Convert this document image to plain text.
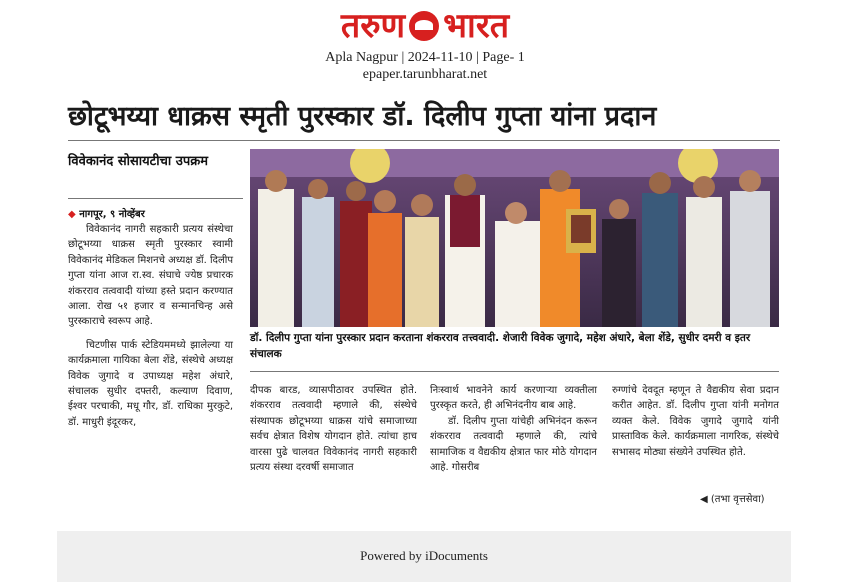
तरुण भारत
Apla Nagpur | 2024-11-10 | Page- 1
epaper.tarunbharat.net
छोटूभय्या धाक्रस स्मृती पुरस्कार डॉ. दिलीप गुप्ता यांना प्रदान
विवेकानंद सोसायटीचा उपक्रम
◆ नागपूर, ९ नोव्हेंबर
विवेकानंद नागरी सहकारी प्रत्यय संस्थेचा छोटूभय्या धाक्रस स्मृती पुरस्कार स्वामी विवेकानंद मेडिकल मिशनचे अध्यक्ष डॉ. दिलीप गुप्ता यांना आज रा.स्व. संघाचे ज्येष्ठ प्रचारक शंकरराव तत्ववादी यांच्या हस्ते प्रदान करण्यात आला. रोख ५१ हजार व सन्मानचिन्ह असे पुरस्काराचे स्वरूप आहे.
चिटणीस पार्क स्टेडियममध्ये झालेल्या या कार्यक्रमाला गायिका बेला शेंडे, संस्थेचे अध्यक्ष विवेक जुगादे व उपाध्यक्ष महेश अंधारे, संचालक सुधीर दफ्तरी, कल्याण दिवाण, ईश्वर परचाकी, मधू गौर, डॉ. राधिका मुरकुटे, डॉ. माधुरी इंदूरकर,
डॉ. दिलीप गुप्ता यांना पुरस्कार प्रदान करताना शंकरराव तत्त्ववादी. शेजारी विवेक जुगादे, महेश अंधारे, बेला शेंडे, सुधीर दमरी व इतर संचालक
दीपक बारड, व्यासपीठावर उपस्थित होते. शंकरराव तत्ववादी म्हणाले की, संस्थेचे संस्थापक छोटूभय्या धाक्रस यांचे समाजाच्या सर्वच क्षेत्रात विशेष योगदान होते. त्यांचा हाच वारसा पुढे चालवत विवेकानंद नागरी सहकारी प्रत्यय संस्था दरवर्षी समाजात
निःस्वार्थ भावनेने कार्य करणाऱ्या व्यक्तीला पुरस्कृत करते, ही अभिनंदनीय बाब आहे.
डॉ. दिलीप गुप्ता यांचेही अभिनंदन करून शंकरराव तत्ववादी म्हणाले की, त्यांचे सामाजिक व वैद्यकीय क्षेत्रात फार मोठे योगदान आहे. गोसरीब
रुग्णांचे देवदूत म्हणून ते वैद्यकीय सेवा प्रदान करीत आहेत. डॉ. दिलीप गुप्ता यांनी मनोगत व्यक्त केले. विवेक जुगादे जुगादे यांनी प्रास्ताविक केले. कार्यक्रमाला नागरिक, संस्थेचे सभासद मोठ्या संख्येने उपस्थित होते.
◀ (तभा वृत्तसेवा)
Powered by iDocuments
